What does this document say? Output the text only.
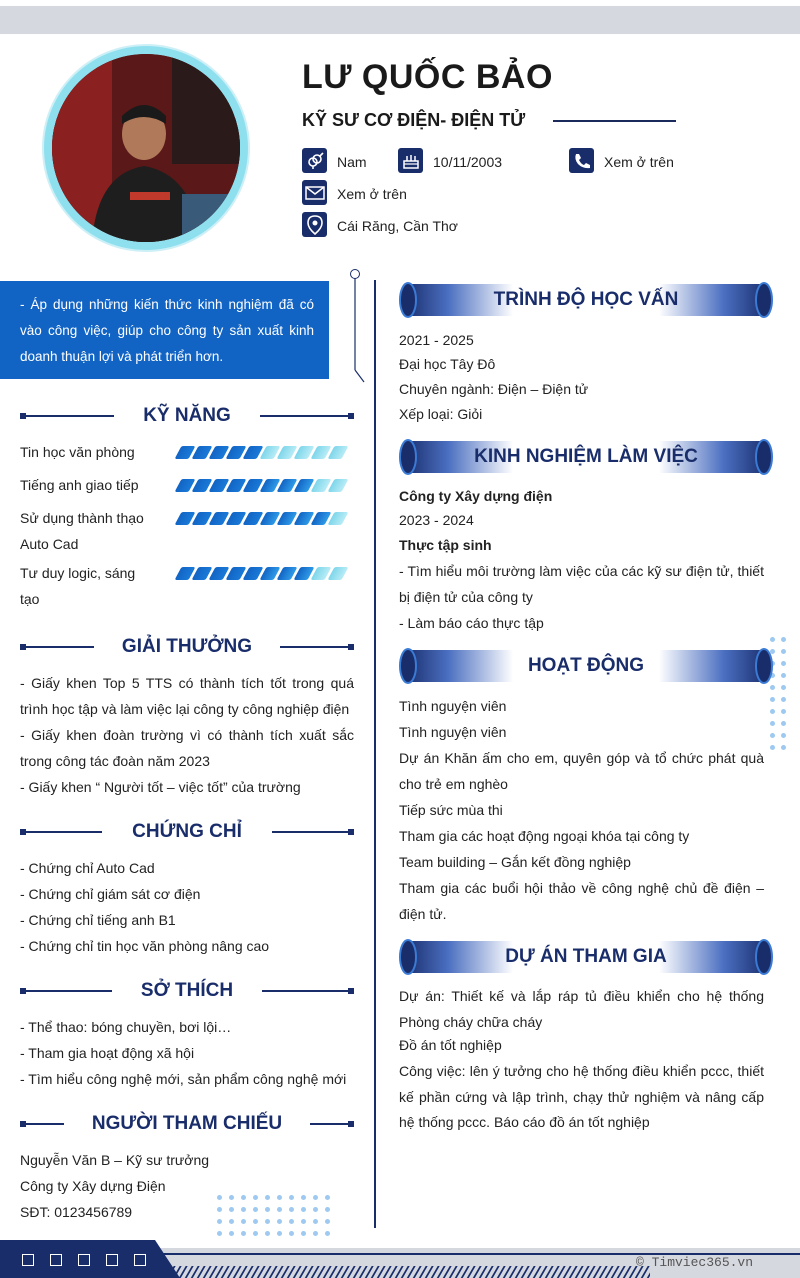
LƯ QUỐC BẢO
KỸ SƯ CƠ ĐIỆN- ĐIỆN TỬ
Nam	10/11/2003	Xem ở trên
Xem ở trên
Cái Răng, Cần Thơ
- Áp dụng những kiến thức kinh nghiệm đã có vào công việc, giúp cho công ty sản xuất kinh doanh thuận lợi và phát triển hơn.
KỸ NĂNG
Tin học văn phòng
Tiếng anh giao tiếp
Sử dụng thành thạo Auto Cad
Tư duy logic, sáng tạo
GIẢI THƯỞNG
- Giấy khen Top 5 TTS có thành tích tốt trong quá trình học tập và làm việc lại công ty công nghiệp điện
- Giấy khen đoàn trường vì có thành tích xuất sắc trong công tác đoàn năm 2023
- Giấy khen “ Người tốt – việc tốt” của trường
CHỨNG CHỈ
- Chứng chỉ Auto Cad
- Chứng chỉ giám sát cơ điện
- Chứng chỉ tiếng anh B1
- Chứng chỉ tin học văn phòng nâng cao
SỞ THÍCH
- Thể thao: bóng chuyền, bơi lội…
- Tham gia hoạt động xã hội
- Tìm hiểu công nghệ mới, sản phẩm công nghệ mới
NGƯỜI THAM CHIẾU
Nguyễn Văn B – Kỹ sư trưởng
Công ty Xây dựng Điện
SĐT: 0123456789
TRÌNH ĐỘ HỌC VẤN
2021 - 2025
Đại học Tây Đô
Chuyên ngành: Điện – Điện tử
Xếp loại: Giỏi
KINH NGHIỆM LÀM VIỆC
Công ty Xây dựng điện
2023 - 2024
Thực tập sinh
- Tìm hiểu môi trường làm việc của các kỹ sư điện tử, thiết bị điện tử của công ty
- Làm báo cáo thực tập
HOẠT ĐỘNG
Tình nguyện viên
Tình nguyện viên
Dự án Khăn ấm cho em, quyên góp và tổ chức phát quà cho trẻ em nghèo
Tiếp sức mùa thi
Tham gia các hoạt động ngoại khóa tại công ty
Team building – Gắn kết đồng nghiệp
Tham gia các buổi hội thảo về công nghệ chủ đề điện – điện tử.
DỰ ÁN THAM GIA
Dự án: Thiết kế và lắp ráp tủ điều khiển cho hệ thống Phòng cháy chữa cháy
Đồ án tốt nghiệp
Công việc: lên ý tưởng cho hệ thống điều khiển pccc, thiết kế phần cứng và lập trình, chạy thử nghiệm và nâng cấp hệ thống pccc. Báo cáo đồ án tốt nghiệp
© Timviec365.vn
